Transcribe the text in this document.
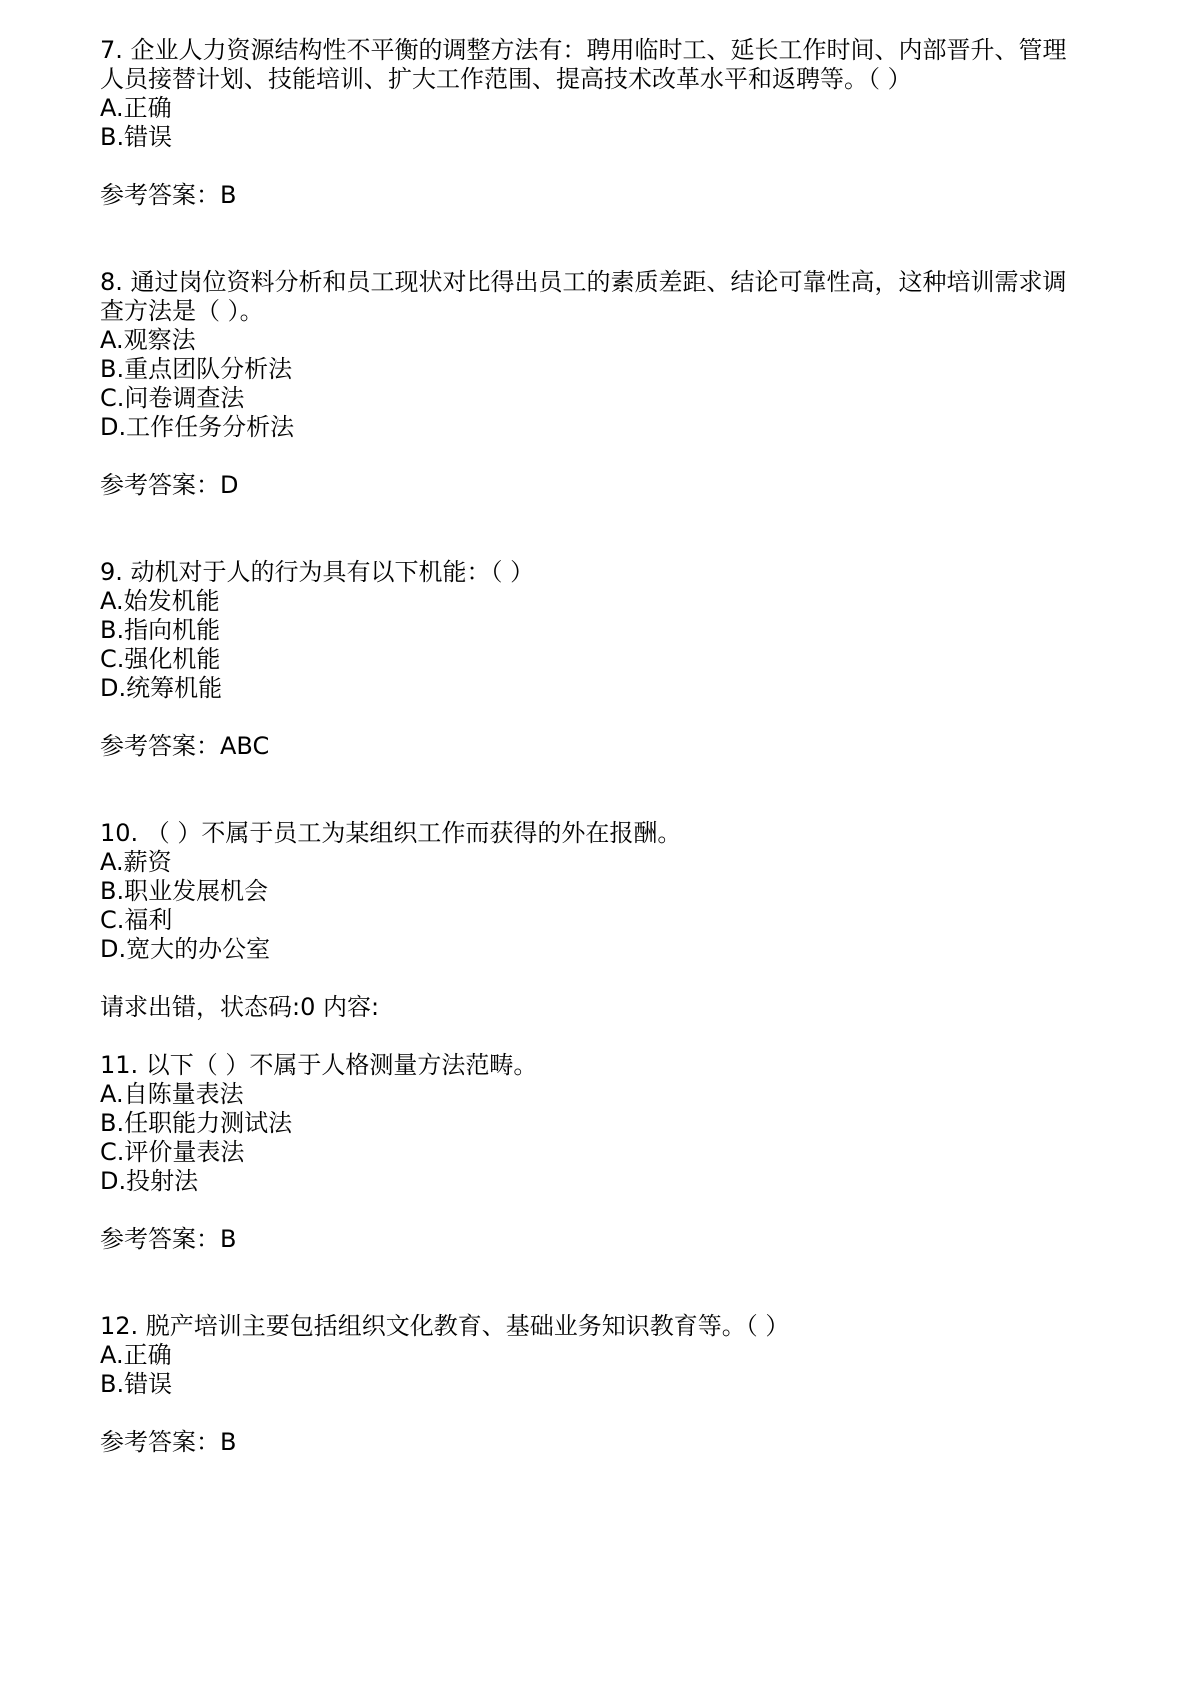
7. 企业人力资源结构性不平衡的调整方法有：聘用临时工、延长工作时间、内部晋升、管理
人员接替计划、技能培训、扩大工作范围、提高技术改革水平和返聘等。（ ）
A.正确
B.错误
参考答案：B
8. 通过岗位资料分析和员工现状对比得出员工的素质差距、结论可靠性高，这种培训需求调
查方法是（ ）。
A.观察法
B.重点团队分析法
C.问卷调查法
D.工作任务分析法
参考答案：D
9. 动机对于人的行为具有以下机能：（ ）
A.始发机能
B.指向机能
C.强化机能
D.统筹机能
参考答案：ABC
10. （ ）不属于员工为某组织工作而获得的外在报酬。
A.薪资
B.职业发展机会
C.福利
D.宽大的办公室
请求出错，状态码:0 内容:
11. 以下（ ）不属于人格测量方法范畴。
A.自陈量表法
B.任职能力测试法
C.评价量表法
D.投射法
参考答案：B
12. 脱产培训主要包括组织文化教育、基础业务知识教育等。（ ）
A.正确
B.错误
参考答案：B
